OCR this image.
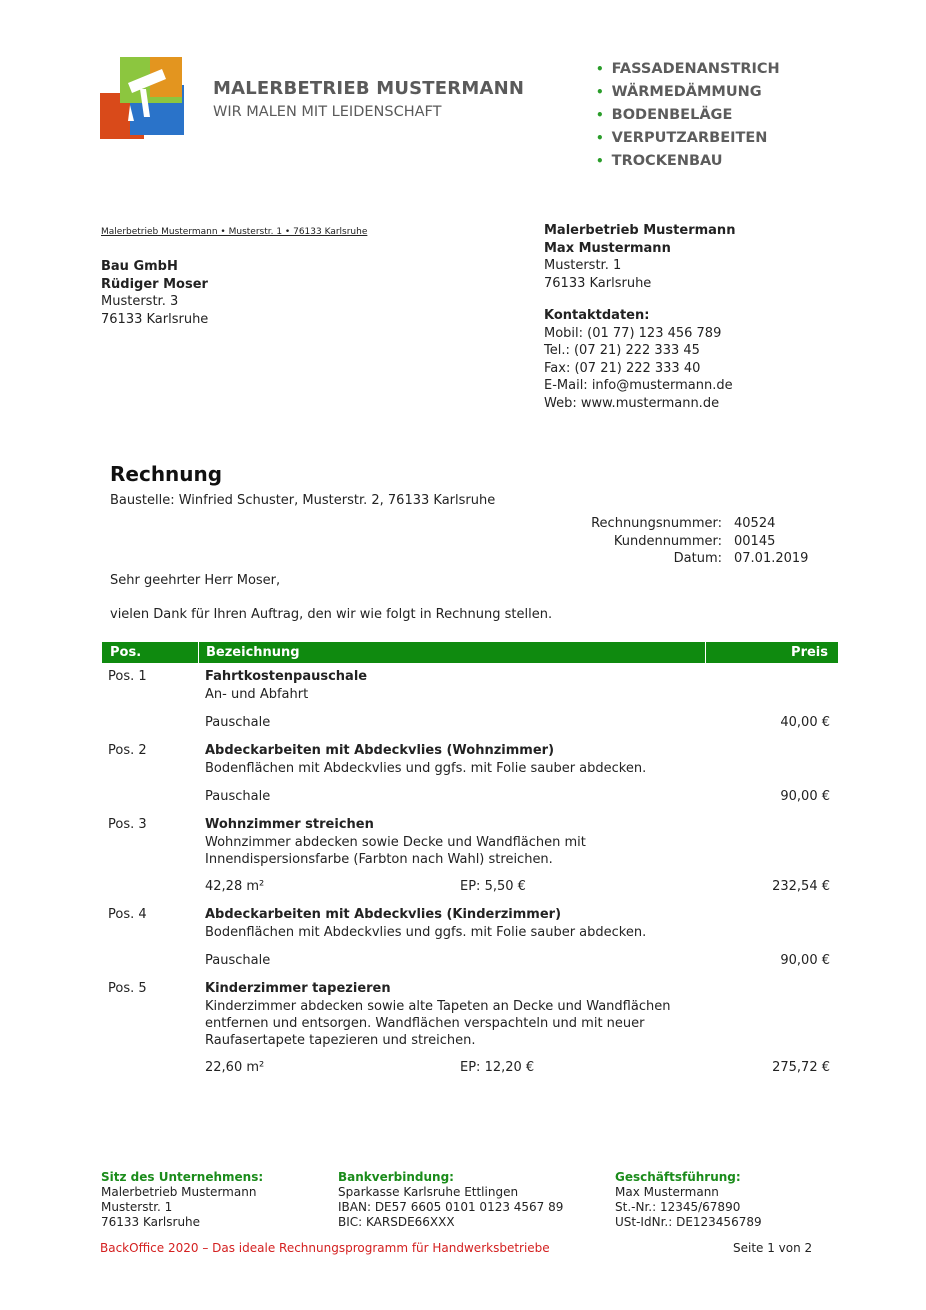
MALERBETRIEB MUSTERMANN
WIR MALEN MIT LEIDENSCHAFT
• FASSADENANSTRICH
• WÄRMEDÄMMUNG
• BODENBELÄGE
• VERPUTZARBEITEN
• TROCKENBAU
Malerbetrieb Mustermann • Musterstr. 1 • 76133 Karlsruhe
Bau GmbH
Rüdiger Moser
Musterstr. 3
76133 Karlsruhe
Malerbetrieb Mustermann
Max Mustermann
Musterstr. 1
76133 Karlsruhe
Kontaktdaten:
Mobil: (01 77) 123 456 789
Tel.: (07 21) 222 333 45
Fax: (07 21) 222 333 40
E-Mail: info@mustermann.de
Web: www.mustermann.de
Rechnung
Baustelle: Winfried Schuster, Musterstr. 2, 76133 Karlsruhe
Rechnungsnummer: 40524
Kundennummer: 00145
Datum: 07.01.2019
Sehr geehrter Herr Moser,
vielen Dank für Ihren Auftrag, den wir wie folgt in Rechnung stellen.
Pos.	Bezeichnung	Preis
Pos. 1	Fahrtkostenpauschale
An- und Abfahrt
Pauschale	40,00 €
Pos. 2	Abdeckarbeiten mit Abdeckvlies (Wohnzimmer)
Bodenflächen mit Abdeckvlies und ggfs. mit Folie sauber abdecken.
Pauschale	90,00 €
Pos. 3	Wohnzimmer streichen
Wohnzimmer abdecken sowie Decke und Wandflächen mit Innendispersionsfarbe (Farbton nach Wahl) streichen.
42,28 m²	EP: 5,50 €	232,54 €
Pos. 4	Abdeckarbeiten mit Abdeckvlies (Kinderzimmer)
Bodenflächen mit Abdeckvlies und ggfs. mit Folie sauber abdecken.
Pauschale	90,00 €
Pos. 5	Kinderzimmer tapezieren
Kinderzimmer abdecken sowie alte Tapeten an Decke und Wandflächen entfernen und entsorgen. Wandflächen verspachteln und mit neuer Raufasertapete tapezieren und streichen.
22,60 m²	EP: 12,20 €	275,72 €
Sitz des Unternehmens:
Malerbetrieb Mustermann
Musterstr. 1
76133 Karlsruhe
Bankverbindung:
Sparkasse Karlsruhe Ettlingen
IBAN: DE57 6605 0101 0123 4567 89
BIC: KARSDE66XXX
Geschäftsführung:
Max Mustermann
St.-Nr.: 12345/67890
USt-IdNr.: DE123456789
BackOffice 2020 – Das ideale Rechnungsprogramm für Handwerksbetriebe	Seite 1 von 2
